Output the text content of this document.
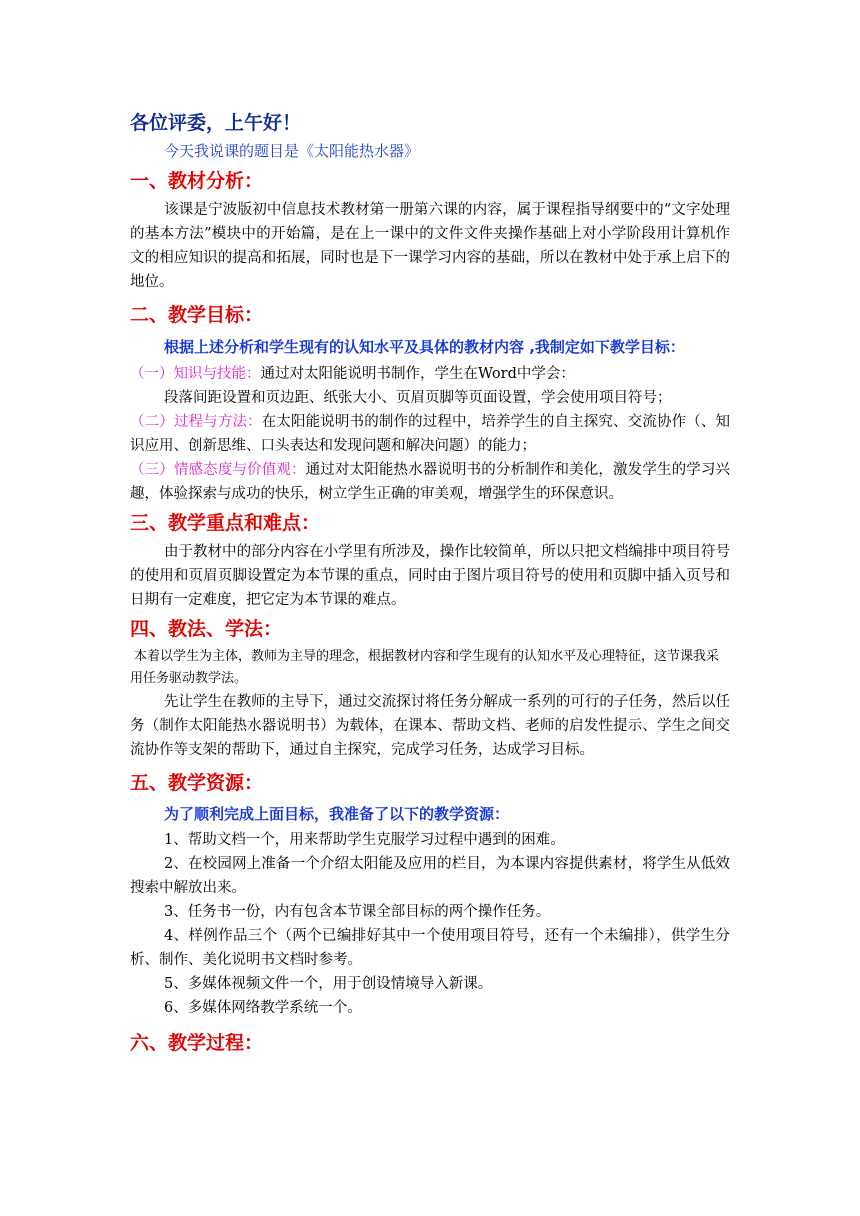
各位评委，上午好！

今天我说课的题目是《太阳能热水器》

一、教材分析：

该课是宁波版初中信息技术教材第一册第六课的内容，属于课程指导纲要中的“文字处理的基本方法”模块中的开始篇，是在上一课中的文件文件夹操作基础上对小学阶段用计算机作文的相应知识的提高和拓展，同时也是下一课学习内容的基础，所以在教材中处于承上启下的地位。

二、教学目标：

根据上述分析和学生现有的认知水平及具体的教材内容 ,我制定如下教学目标：

（一）知识与技能：通过对太阳能说明书制作，学生在Word中学会：

段落间距设置和页边距、纸张大小、页眉页脚等页面设置，学会使用项目符号；

（二）过程与方法：在太阳能说明书的制作的过程中，培养学生的自主探究、交流协作（、知识应用、创新思维、口头表达和发现问题和解决问题）的能力；

（三）情感态度与价值观：通过对太阳能热水器说明书的分析制作和美化，激发学生的学习兴趣，体验探索与成功的快乐，树立学生正确的审美观，增强学生的环保意识。

三、教学重点和难点：

由于教材中的部分内容在小学里有所涉及，操作比较简单，所以只把文档编排中项目符号的使用和页眉页脚设置定为本节课的重点，同时由于图片项目符号的使用和页脚中插入页号和日期有一定难度，把它定为本节课的难点。

四、教法、学法：

本着以学生为主体，教师为主导的理念，根据教材内容和学生现有的认知水平及心理特征，这节课我采用任务驱动教学法。

先让学生在教师的主导下，通过交流探讨将任务分解成一系列的可行的子任务，然后以任务（制作太阳能热水器说明书）为载体，在课本、帮助文档、老师的启发性提示、学生之间交流协作等支架的帮助下，通过自主探究，完成学习任务，达成学习目标。

五、教学资源：

为了顺利完成上面目标，我准备了以下的教学资源：

1、帮助文档一个，用来帮助学生克服学习过程中遇到的困难。

2、在校园网上准备一个介绍太阳能及应用的栏目，为本课内容提供素材，将学生从低效搜索中解放出来。

3、任务书一份，内有包含本节课全部目标的两个操作任务。

4、样例作品三个（两个已编排好其中一个使用项目符号，还有一个未编排），供学生分析、制作、美化说明书文档时参考。

5、多媒体视频文件一个，用于创设情境导入新课。

6、多媒体网络教学系统一个。

六、教学过程：
